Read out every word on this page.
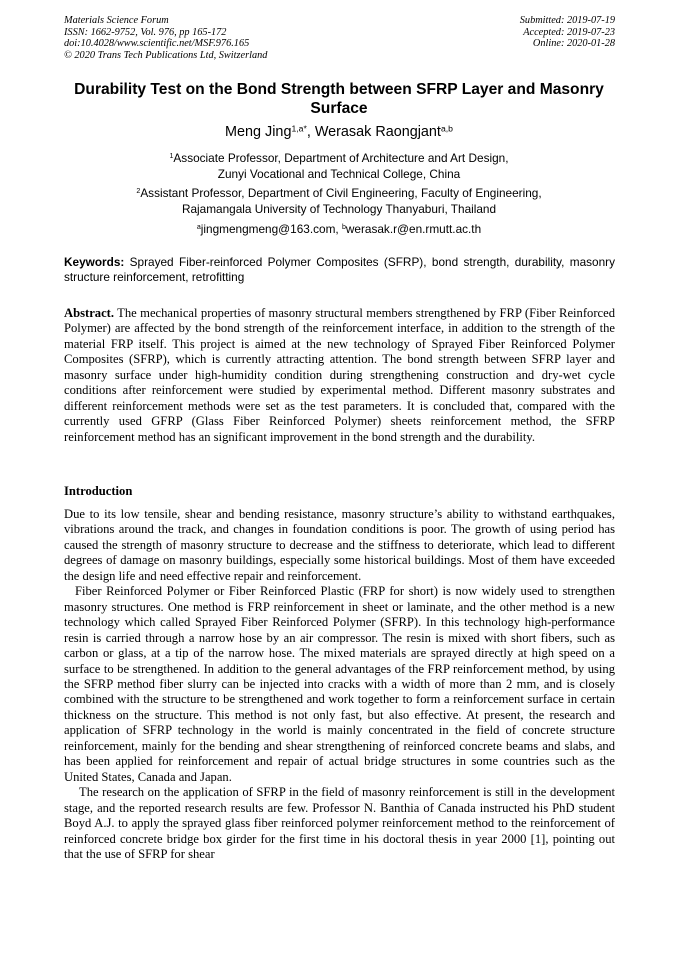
Materials Science Forum
ISSN: 1662-9752, Vol. 976, pp 165-172
doi:10.4028/www.scientific.net/MSF.976.165
© 2020 Trans Tech Publications Ltd, Switzerland
Submitted: 2019-07-19
Accepted: 2019-07-23
Online: 2020-01-28
Durability Test on the Bond Strength between SFRP Layer and Masonry Surface
Meng Jing$^{1,a*}$, Werasak Raongjant$^{a,b}$
$^1$Associate Professor, Department of Architecture and Art Design,
Zunyi Vocational and Technical College, China
$^2$Assistant Professor, Department of Civil Engineering, Faculty of Engineering,
Rajamangala University of Technology Thanyaburi, Thailand
$^a$jingmengmeng@163.com, $^b$werasak.r@en.rmutt.ac.th
Keywords: Sprayed Fiber-reinforced Polymer Composites (SFRP), bond strength, durability, masonry structure reinforcement, retrofitting
Abstract. The mechanical properties of masonry structural members strengthened by FRP (Fiber Reinforced Polymer) are affected by the bond strength of the reinforcement interface, in addition to the strength of the material FRP itself. This project is aimed at the new technology of Sprayed Fiber Reinforced Polymer Composites (SFRP), which is currently attracting attention. The bond strength between SFRP layer and masonry surface under high-humidity condition during strengthening construction and dry-wet cycle conditions after reinforcement were studied by experimental method. Different masonry substrates and different reinforcement methods were set as the test parameters. It is concluded that, compared with the currently used GFRP (Glass Fiber Reinforced Polymer) sheets reinforcement method, the SFRP reinforcement method has an significant improvement in the bond strength and the durability.
Introduction

Due to its low tensile, shear and bending resistance, masonry structure’s ability to withstand earthquakes, vibrations around the track, and changes in foundation conditions is poor. The growth of using period has caused the strength of masonry structure to decrease and the stiffness to deteriorate, which lead to different degrees of damage on masonry buildings, especially some historical buildings. Most of them have exceeded the design life and need effective repair and reinforcement.

Fiber Reinforced Polymer or Fiber Reinforced Plastic (FRP for short) is now widely used to strengthen masonry structures. One method is FRP reinforcement in sheet or laminate, and the other method is a new technology which called Sprayed Fiber Reinforced Polymer (SFRP). In this technology high-performance resin is carried through a narrow hose by an air compressor. The resin is mixed with short fibers, such as carbon or glass, at a tip of the narrow hose. The mixed materials are sprayed directly at high speed on a surface to be strengthened. In addition to the general advantages of the FRP reinforcement method, by using the SFRP method fiber slurry can be injected into cracks with a width of more than 2 mm, and is closely combined with the structure to be strengthened and work together to form a reinforcement surface in certain thickness on the structure. This method is not only fast, but also effective. At present, the research and application of SFRP technology in the world is mainly concentrated in the field of concrete structure reinforcement, mainly for the bending and shear strengthening of reinforced concrete beams and slabs, and has been applied for reinforcement and repair of actual bridge structures in some countries such as the United States, Canada and Japan.

The research on the application of SFRP in the field of masonry reinforcement is still in the development stage, and the reported research results are few. Professor N. Banthia of Canada instructed his PhD student Boyd A.J. to apply the sprayed glass fiber reinforced polymer reinforcement method to the reinforcement of reinforced concrete bridge box girder for the first time in his doctoral thesis in year 2000 [1], pointing out that the use of SFRP for shear
